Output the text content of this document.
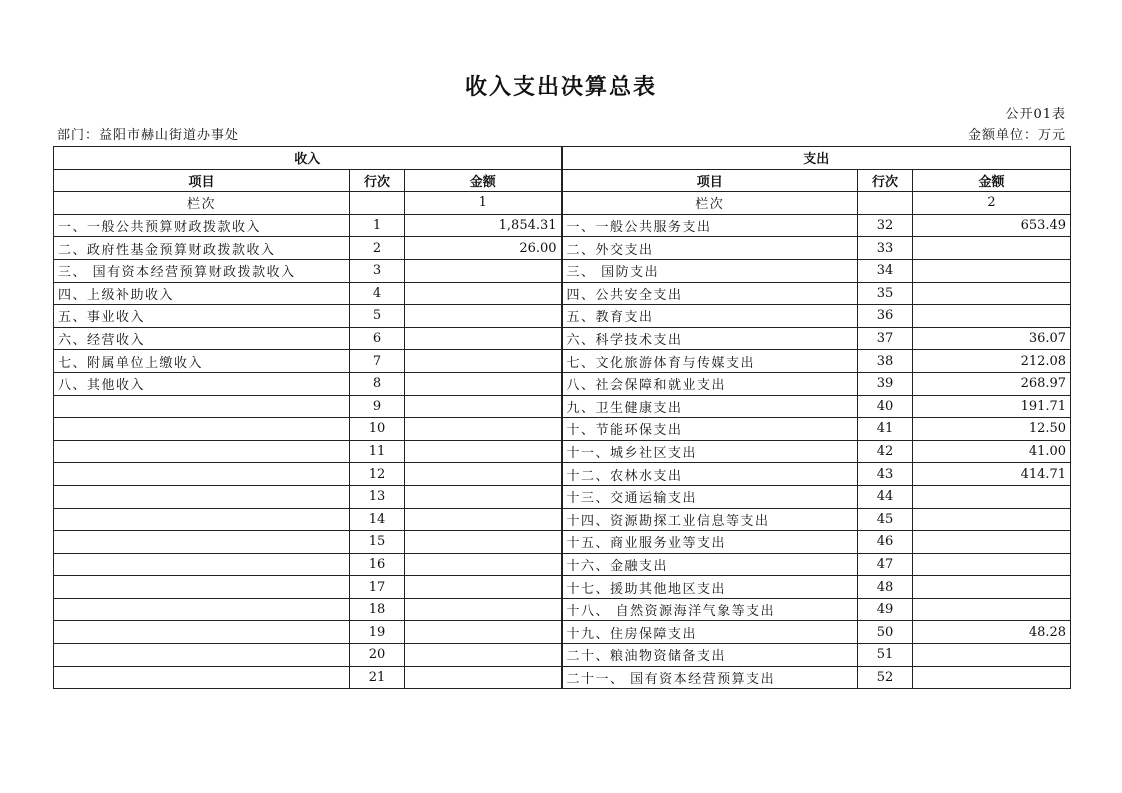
收入支出决算总表
公开01表
部门：益阳市赫山街道办事处	金额单位：万元
收入			支出		
项目	行次	金额	项目	行次	金额
栏次		1	栏次		2
一、一般公共预算财政拨款收入	1	1,854.31	一、一般公共服务支出	32	653.49
二、政府性基金预算财政拨款收入	2	26.00	二、外交支出	33	
三、 国有资本经营预算财政拨款收入	3		三、 国防支出	34	
四、上级补助收入	4		四、公共安全支出	35	
五、事业收入	5		五、教育支出	36	
六、经营收入	6		六、科学技术支出	37	36.07
七、附属单位上缴收入	7		七、文化旅游体育与传媒支出	38	212.08
八、其他收入	8		八、社会保障和就业支出	39	268.97
	9		九、卫生健康支出	40	191.71
	10		十、节能环保支出	41	12.50
	11		十一、城乡社区支出	42	41.00
	12		十二、农林水支出	43	414.71
	13		十三、交通运输支出	44	
	14		十四、资源勘探工业信息等支出	45	
	15		十五、商业服务业等支出	46	
	16		十六、金融支出	47	
	17		十七、援助其他地区支出	48	
	18		十八、 自然资源海洋气象等支出	49	
	19		十九、住房保障支出	50	48.28
	20		二十、粮油物资储备支出	51	
	21		二十一、 国有资本经营预算支出	52	
